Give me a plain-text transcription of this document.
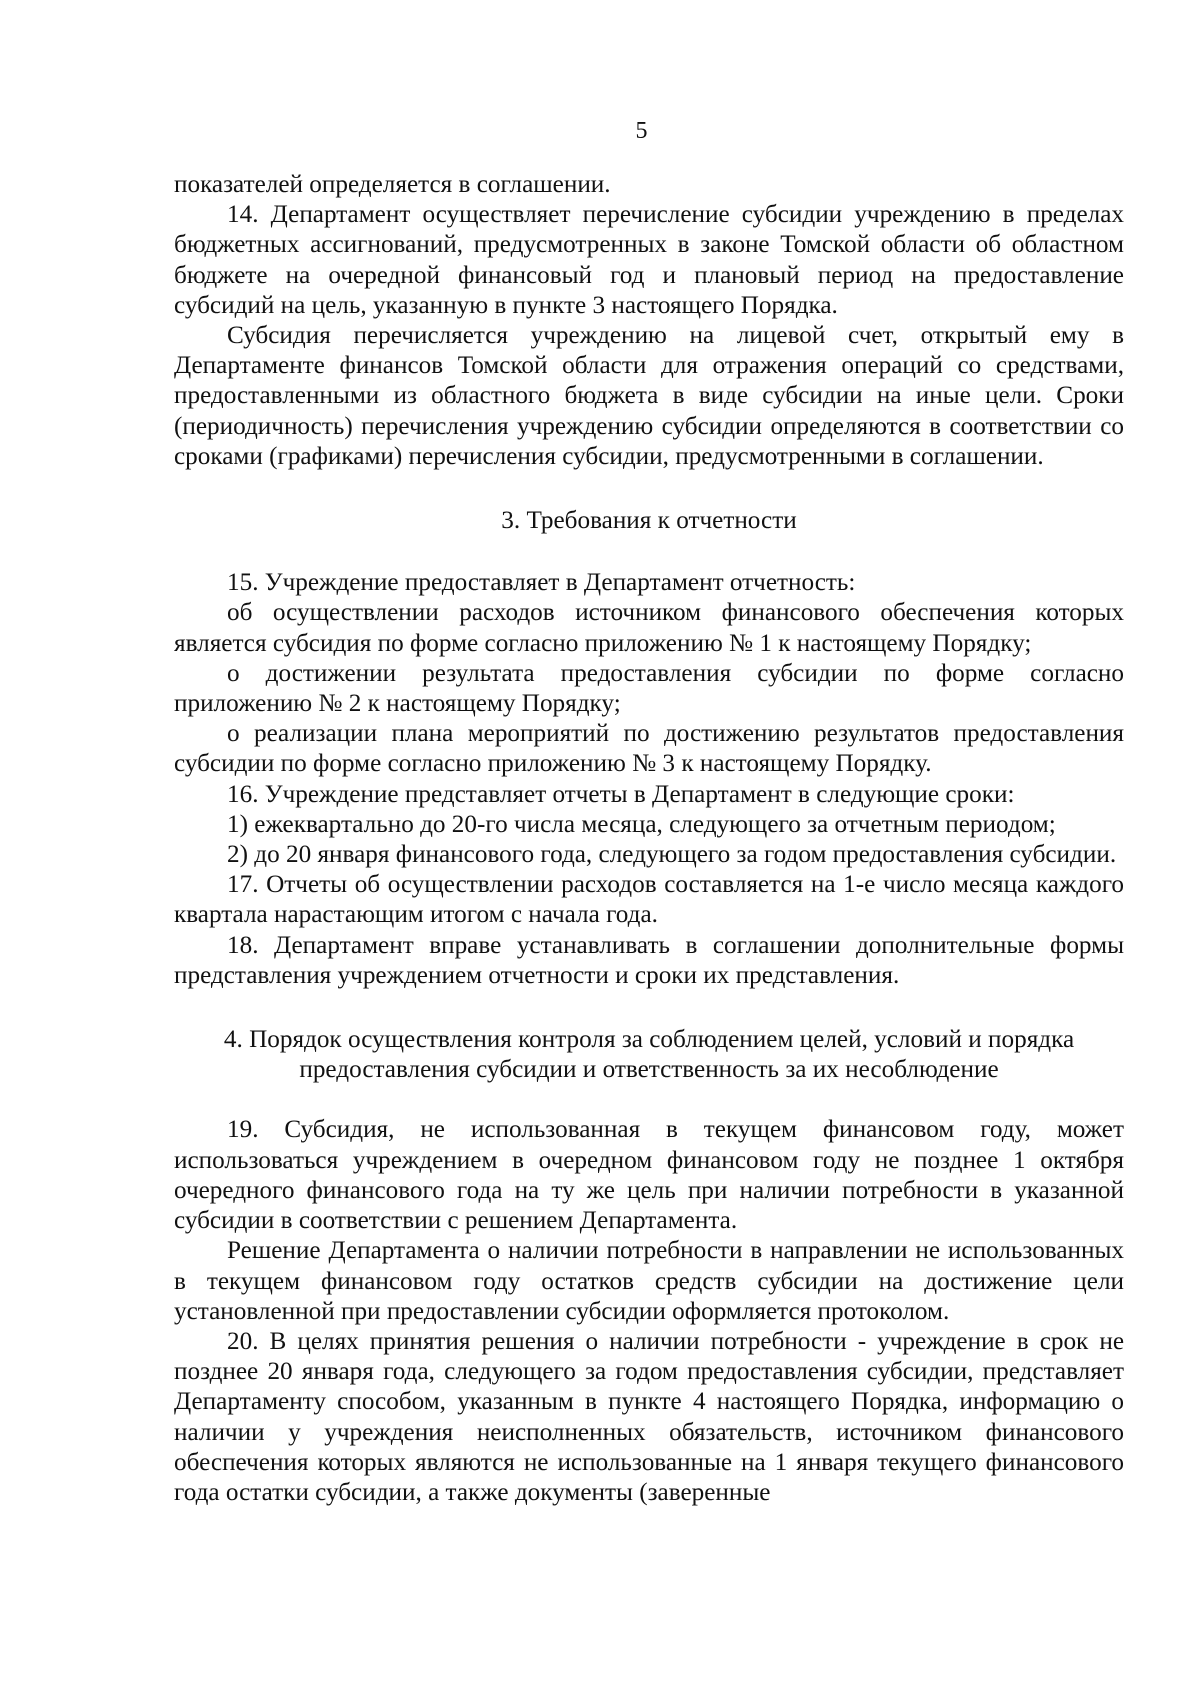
5

показателей определяется в соглашении.

14. Департамент осуществляет перечисление субсидии учреждению в пределах бюджетных ассигнований, предусмотренных в законе Томской области об областном бюджете на очередной финансовый год и плановый период на предоставление субсидий на цель, указанную в пункте 3 настоящего Порядка.

Субсидия перечисляется учреждению на лицевой счет, открытый ему в Департаменте финансов Томской области для отражения операций со средствами, предоставленными из областного бюджета в виде субсидии на иные цели. Сроки (периодичность) перечисления учреждению субсидии определяются в соответствии со сроками (графиками) перечисления субсидии, предусмотренными в соглашении.

3. Требования к отчетности

15. Учреждение предоставляет в Департамент отчетность:

об осуществлении расходов источником финансового обеспечения которых является субсидия по форме согласно приложению № 1 к настоящему Порядку;

о достижении результата предоставления субсидии по форме согласно приложению № 2 к настоящему Порядку;

о реализации плана мероприятий по достижению результатов предоставления субсидии по форме согласно приложению № 3 к настоящему Порядку.

16. Учреждение представляет отчеты в Департамент в следующие сроки:

1) ежеквартально до 20-го числа месяца, следующего за отчетным периодом;

2) до 20 января финансового года, следующего за годом предоставления субсидии.

17. Отчеты об осуществлении расходов составляется на 1-е число месяца каждого квартала нарастающим итогом с начала года.

18. Департамент вправе устанавливать в соглашении дополнительные формы представления учреждением отчетности и сроки их представления.

4. Порядок осуществления контроля за соблюдением целей, условий и порядка

предоставления субсидии и ответственность за их несоблюдение

19. Субсидия, не использованная в текущем финансовом году, может использоваться учреждением в очередном финансовом году не позднее 1 октября очередного финансового года на ту же цель при наличии потребности в указанной субсидии в соответствии с решением Департамента.

Решение Департамента о наличии потребности в направлении не использованных в текущем финансовом году остатков средств субсидии на достижение цели установленной при предоставлении субсидии оформляется протоколом.

20. В целях принятия решения о наличии потребности - учреждение в срок не позднее 20 января года, следующего за годом предоставления субсидии, представляет Департаменту способом, указанным в пункте 4 настоящего Порядка, информацию о наличии у учреждения неисполненных обязательств, источником финансового обеспечения которых являются не использованные на 1 января текущего финансового года остатки субсидии, а также документы (заверенные
